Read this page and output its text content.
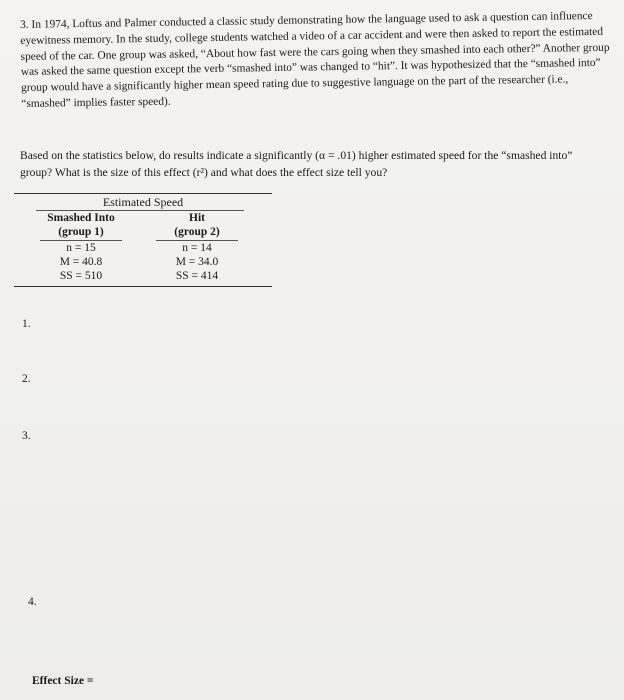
3. In 1974, Loftus and Palmer conducted a classic study demonstrating how the language used to ask a question can influence eyewitness memory. In the study, college students watched a video of a car accident and were then asked to report the estimated speed of the car. One group was asked, “About how fast were the cars going when they smashed into each other?” Another group was asked the same question except the verb “smashed into” was changed to “hit”. It was hypothesized that the “smashed into” group would have a significantly higher mean speed rating due to suggestive language on the part of the researcher (i.e., “smashed” implies faster speed).
Based on the statistics below, do results indicate a significantly (α = .01) higher estimated speed for the “smashed into” group? What is the size of this effect (r²) and what does the effect size tell you?
Estimated Speed
Smashed Into
(group 1)
n = 15
M = 40.8
SS = 510
Hit
(group 2)
n = 14
M = 34.0
SS = 414
1.
2.
3.
4.
Effect Size =
